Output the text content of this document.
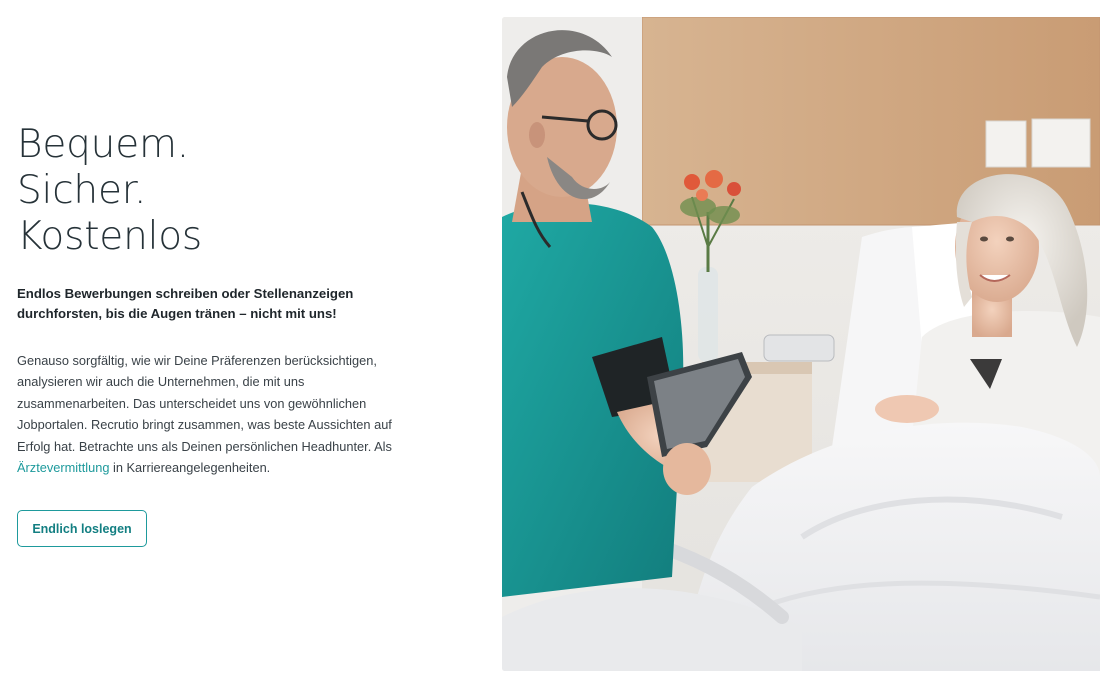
Bequem.
Sicher.
Kostenlos

Endlos Bewerbungen schreiben oder Stellenanzeigen
durchforsten, bis die Augen tränen – nicht mit uns!

Genauso sorgfältig, wie wir Deine Präferenzen berücksichtigen,
analysieren wir auch die Unternehmen, die mit uns
zusammenarbeiten. Das unterscheidet uns von gewöhnlichen
Jobportalen. Recrutio bringt zusammen, was beste Aussichten auf
Erfolg hat. Betrachte uns als Deinen persönlichen Headhunter. Als
Ärztevermittlung in Karriereangelegenheiten.

Endlich loslegen
